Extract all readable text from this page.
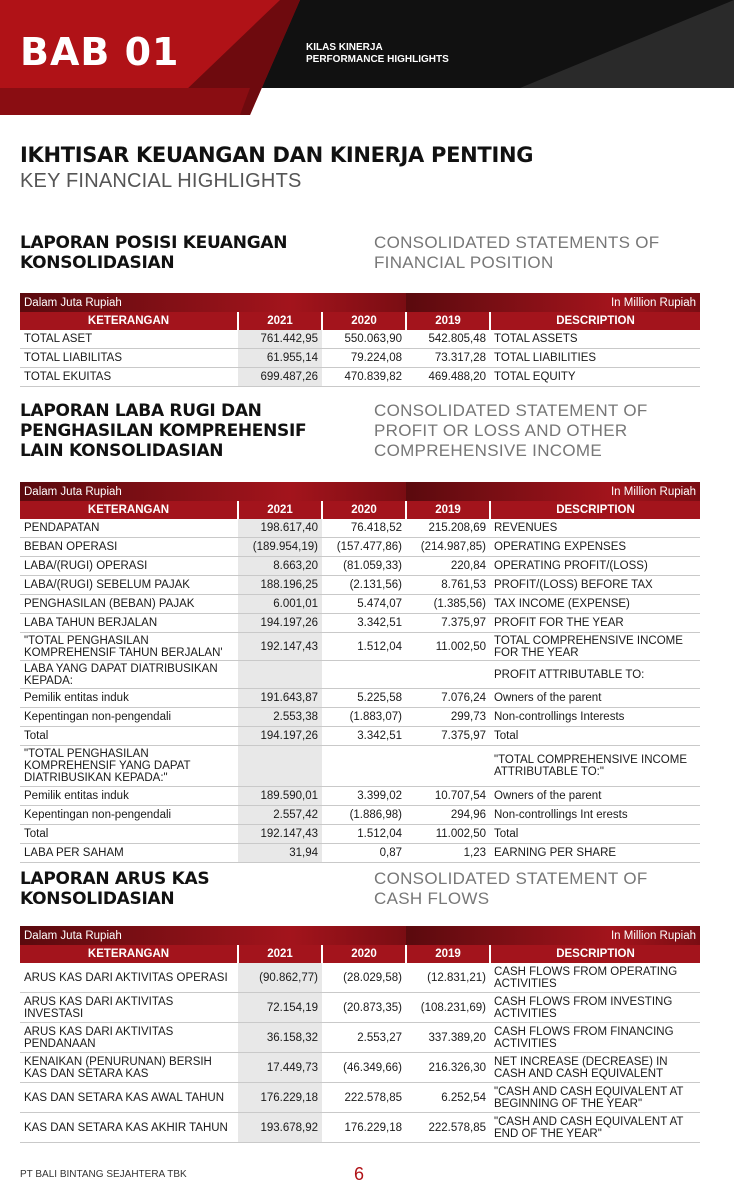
BAB 01	KILAS KINERJA
PERFORMANCE HIGHLIGHTS
IKHTISAR KEUANGAN DAN KINERJA PENTING
KEY FINANCIAL HIGHLIGHTS
LAPORAN POSISI KEUANGAN
KONSOLIDASIAN
CONSOLIDATED STATEMENTS OF
FINANCIAL POSITION
Dalam Juta Rupiah			In Million Rupiah	
KETERANGAN	2021	2020	2019	DESCRIPTION
TOTAL ASET	761.442,95	550.063,90	542.805,48	TOTAL ASSETS
TOTAL LIABILITAS	61.955,14	79.224,08	73.317,28	TOTAL LIABILITIES
TOTAL EKUITAS	699.487,26	470.839,82	469.488,20	TOTAL EQUITY
LAPORAN LABA RUGI DAN
PENGHASILAN KOMPREHENSIF
LAIN KONSOLIDASIAN
CONSOLIDATED STATEMENT OF
PROFIT OR LOSS AND OTHER
COMPREHENSIVE INCOME
Dalam Juta Rupiah			In Million Rupiah	
KETERANGAN	2021	2020	2019	DESCRIPTION
PENDAPATAN	198.617,40	76.418,52	215.208,69	REVENUES
BEBAN OPERASI	(189.954,19)	(157.477,86)	(214.987,85)	OPERATING EXPENSES
LABA/(RUGI) OPERASI	8.663,20	(81.059,33)	220,84	OPERATING PROFIT/(LOSS)
LABA/(RUGI) SEBELUM PAJAK	188.196,25	(2.131,56)	8.761,53	PROFIT/(LOSS) BEFORE TAX
PENGHASILAN (BEBAN) PAJAK	6.001,01	5.474,07	(1.385,56)	TAX INCOME (EXPENSE)
LABA TAHUN BERJALAN	194.197,26	3.342,51	7.375,97	PROFIT FOR THE YEAR
"TOTAL PENGHASILAN KOMPREHENSIF TAHUN BERJALAN'	192.147,43	1.512,04	11.002,50	TOTAL COMPREHENSIVE INCOME FOR THE YEAR
LABA YANG DAPAT DIATRIBUSIKAN KEPADA:				PROFIT ATTRIBUTABLE TO:
Pemilik entitas induk	191.643,87	5.225,58	7.076,24	Owners of the parent
Kepentingan non-pengendali	2.553,38	(1.883,07)	299,73	Non-controllings Interests
Total	194.197,26	3.342,51	7.375,97	Total
"TOTAL PENGHASILAN KOMPREHENSIF YANG DAPAT DIATRIBUSIKAN KEPADA:"				"TOTAL COMPREHENSIVE INCOME ATTRIBUTABLE TO:"
Pemilik entitas induk	189.590,01	3.399,02	10.707,54	Owners of the parent
Kepentingan non-pengendali	2.557,42	(1.886,98)	294,96	Non-controllings Int erests
Total	192.147,43	1.512,04	11.002,50	Total
LABA PER SAHAM	31,94	0,87	1,23	EARNING PER SHARE
LAPORAN ARUS KAS
KONSOLIDASIAN
CONSOLIDATED STATEMENT OF
CASH FLOWS
Dalam Juta Rupiah			In Million Rupiah	
KETERANGAN	2021	2020	2019	DESCRIPTION
ARUS KAS DARI AKTIVITAS OPERASI	(90.862,77)	(28.029,58)	(12.831,21)	CASH FLOWS FROM OPERATING ACTIVITIES
ARUS KAS DARI AKTIVITAS INVESTASI	72.154,19	(20.873,35)	(108.231,69)	CASH FLOWS FROM INVESTING ACTIVITIES
ARUS KAS DARI AKTIVITAS PENDANAAN	36.158,32	2.553,27	337.389,20	CASH FLOWS FROM FINANCING ACTIVITIES
KENAIKAN (PENURUNAN) BERSIH KAS DAN SETARA KAS	17.449,73	(46.349,66)	216.326,30	NET INCREASE (DECREASE) IN CASH AND CASH EQUIVALENT
KAS DAN SETARA KAS AWAL TAHUN	176.229,18	222.578,85	6.252,54	"CASH AND CASH EQUIVALENT AT BEGINNING OF THE YEAR"
KAS DAN SETARA KAS AKHIR TAHUN	193.678,92	176.229,18	222.578,85	"CASH AND CASH EQUIVALENT AT END OF THE YEAR"
PT BALI BINTANG SEJAHTERA TBK	6
